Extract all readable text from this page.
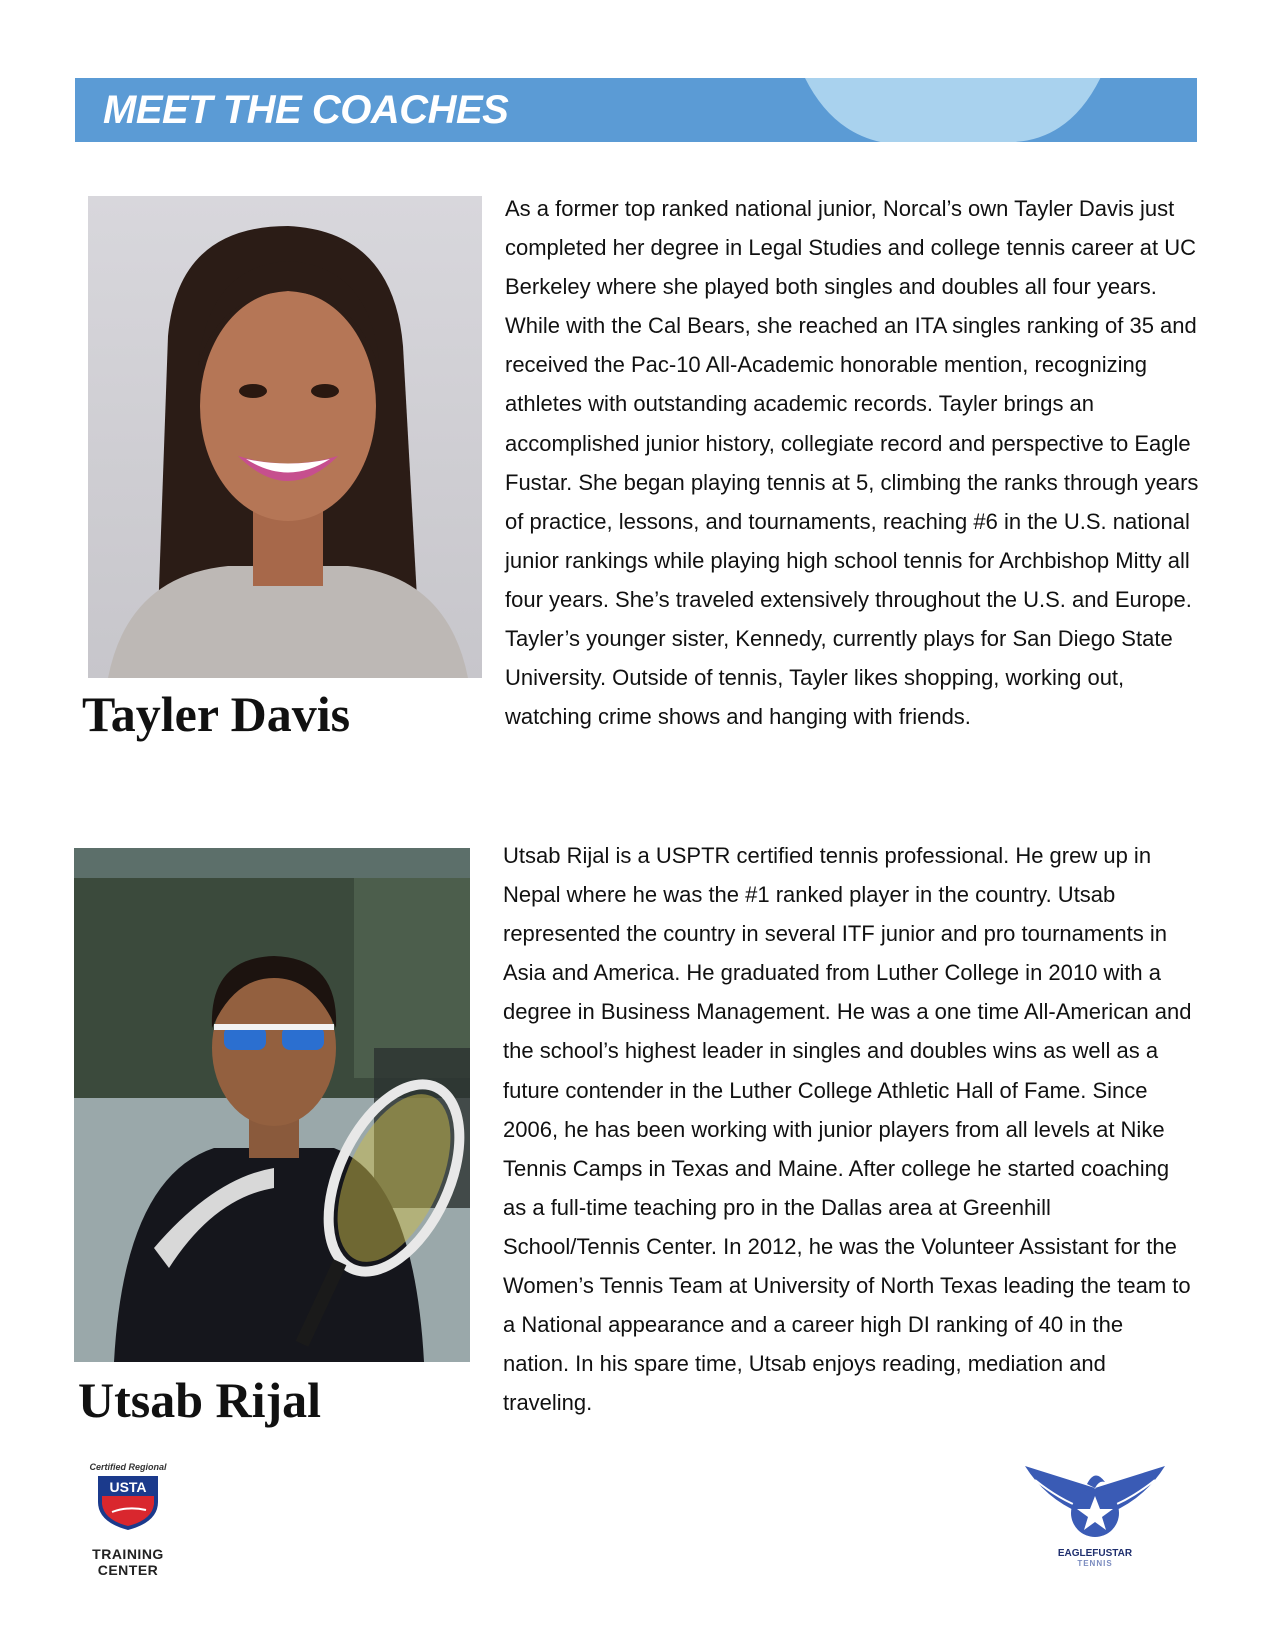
MEET THE COACHES
Tayler Davis

As a former top ranked national junior, Norcal’s own Tayler Davis just completed her degree in Legal Studies and college tennis career at UC Berkeley where she played both singles and doubles all four years. While with the Cal Bears, she reached an ITA singles ranking of 35 and received the Pac-10 All-Academic honorable mention, recognizing athletes with outstanding academic records. Tayler brings an accomplished junior history, collegiate record and perspective to Eagle Fustar. She began playing tennis at 5, climbing the ranks through years of practice, lessons, and tournaments, reaching #6 in the U.S. national junior rankings while playing high school tennis for Archbishop Mitty all four years. She’s traveled extensively throughout the U.S. and Europe. Tayler’s younger sister, Kennedy, currently plays for San Diego State University. Outside of tennis, Tayler likes shopping, working out, watching crime shows and hanging with friends.

Utsab Rijal

Utsab Rijal is a USPTR certified tennis professional. He grew up in Nepal where he was the #1 ranked player in the country. Utsab represented the country in several ITF junior and pro tournaments in Asia and America. He graduated from Luther College in 2010 with a degree in Business Management. He was a one time All-American and the school’s highest leader in singles and doubles wins as well as a future contender in the Luther College Athletic Hall of Fame. Since 2006, he has been working with junior players from all levels at Nike Tennis Camps in Texas and Maine. After college he started coaching as a full-time teaching pro in the Dallas area at Greenhill School/Tennis Center. In 2012, he was the Volunteer Assistant for the Women’s Tennis Team at University of North Texas leading the team to a National appearance and a career high DI ranking of 40 in the nation. In his spare time, Utsab enjoys reading, mediation and traveling.

Certified Regional
USTA
TRAINING CENTER
EAGLEFUSTAR
TENNIS
